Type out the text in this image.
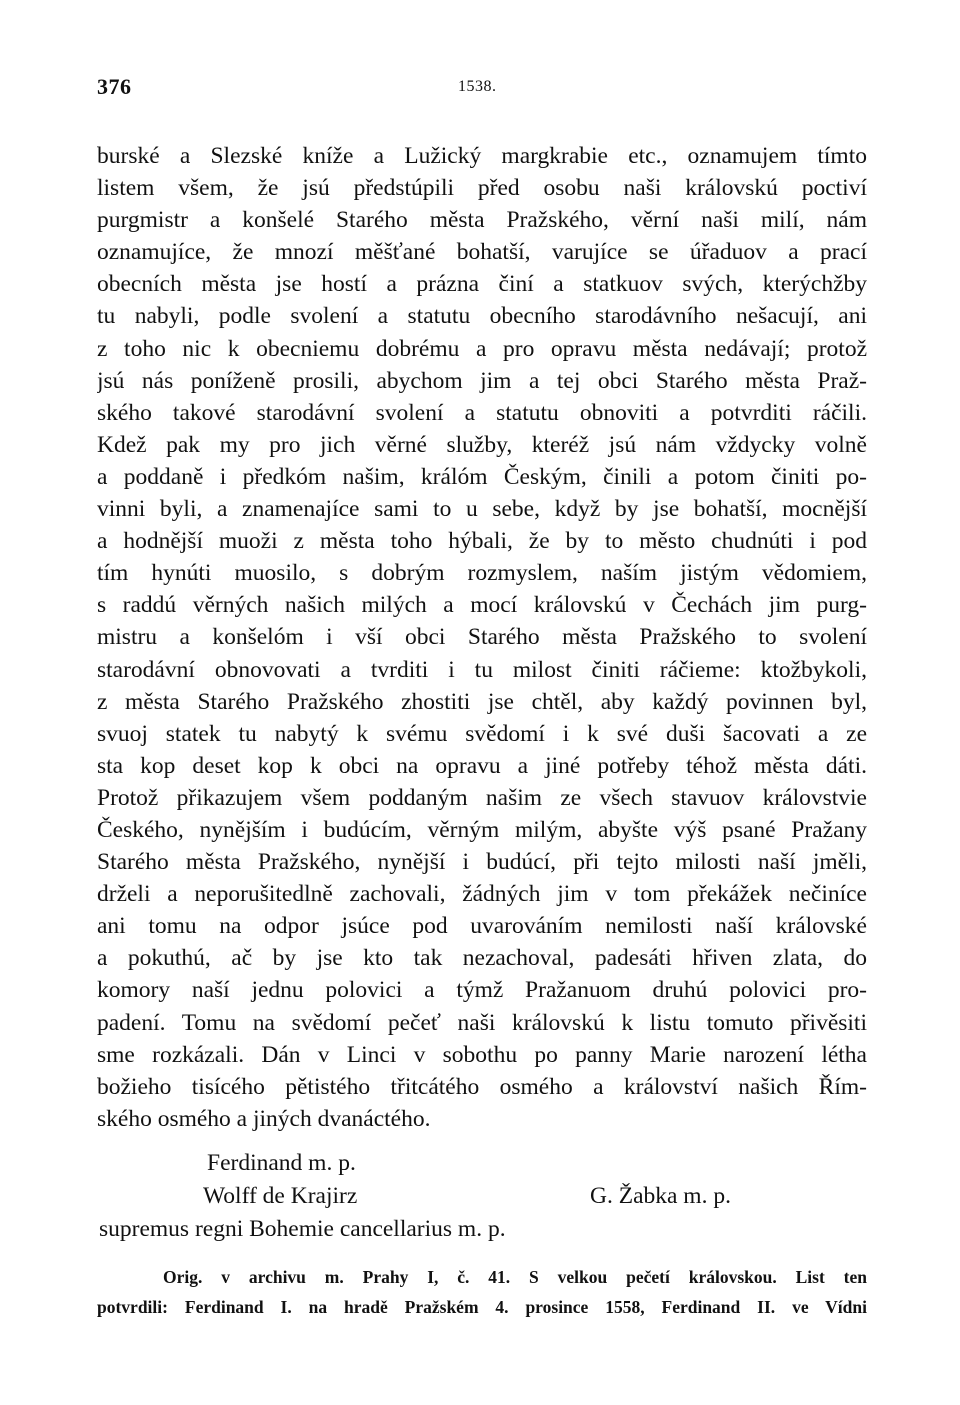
376	1538.
burské a Slezské kníže a Lužický margkrabie etc., oznamujem tímto
listem všem, že jsú předstúpili před osobu naši královskú poctiví
purgmistr a konšelé Starého města Pražského, věrní naši milí, nám
oznamujíce, že mnozí měšťané bohatší, varujíce se úřaduov a prací
obecních města jse hostí a prázna činí a statkuov svých, kterýchžby
tu nabyli, podle svolení a statutu obecního starodávního nešacují, ani
z toho nic k obecniemu dobrému a pro opravu města nedávají; protož
jsú nás poníženě prosili, abychom jim a tej obci Starého města Praž-
ského takové starodávní svolení a statutu obnoviti a potvrditi ráčili.
Kdež pak my pro jich věrné služby, kteréž jsú nám vždycky volně
a poddaně i předkóm našim, králóm Českým, činili a potom činiti po-
vinni byli, a znamenajíce sami to u sebe, když by jse bohatší, mocnější
a hodnější muoži z města toho hýbali, že by to město chudnúti i pod
tím hynúti muosilo, s dobrým rozmyslem, naším jistým vědomiem,
s raddú věrných našich milých a mocí královskú v Čechách jim purg-
mistru a konšelóm i vší obci Starého města Pražského to svolení
starodávní obnovovati a tvrditi i tu milost činiti ráčieme: ktožbykoli,
z města Starého Pražského zhostiti jse chtěl, aby každý povinnen byl,
svuoj statek tu nabytý k svému svědomí i k své duši šacovati a ze
sta kop deset kop k obci na opravu a jiné potřeby téhož města dáti.
Protož přikazujem všem poddaným našim ze všech stavuov královstvie
Českého, nynějším i budúcím, věrným milým, abyšte výš psané Pražany
Starého města Pražského, nynější i budúcí, při tejto milosti naší jměli,
drželi a neporušitedlně zachovali, žádných jim v tom překážek nečiníce
ani tomu na odpor jsúce pod uvarováním nemilosti naší královské
a pokuthú, ač by jse kto tak nezachoval, padesáti hřiven zlata, do
komory naší jednu polovici a týmž Pražanuom druhú polovici pro-
padení. Tomu na svědomí pečeť naši královskú k listu tomuto přivěsiti
sme rozkázali. Dán v Linci v sobothu po panny Marie narození létha
božieho tisícého pětistého třitcátého osmého a království našich Řím-
ského osmého a jiných dvanáctého.
Ferdinand m. p.
Wolff de Krajirz	G. Žabka m. p.
supremus regni Bohemie cancellarius m. p.
Orig. v archivu m. Prahy I, č. 41. S velkou pečetí královskou. List ten
potvrdili: Ferdinand I. na hradě Pražském 4. prosince 1558, Ferdinand II. ve Vídni
